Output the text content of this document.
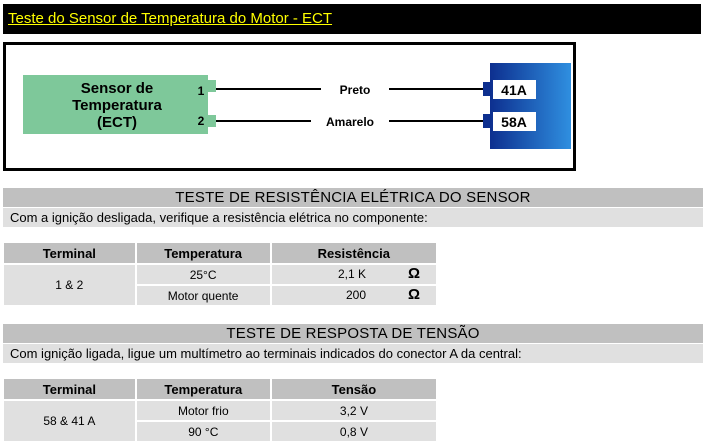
Teste do Sensor de Temperatura do Motor - ECT
Sensor de
Temperatura
(ECT)
1
2
Preto
Amarelo
41A
58A
TESTE DE RESISTÊNCIA ELÉTRICA DO SENSOR
Com a ignição desligada, verifique a resistência elétrica no componente:
Terminal	Temperatura	Resistência
1 & 2	25°C	2,1 K Ω

	Motor quente	200 Ω
TESTE DE RESPOSTA DE TENSÃO
Com ignição ligada, ligue um multímetro ao terminais indicados do conector A da central:
Terminal	Temperatura	Tensão
58 & 41 A	Motor frio	3,2 V
	90 °C	0,8 V
